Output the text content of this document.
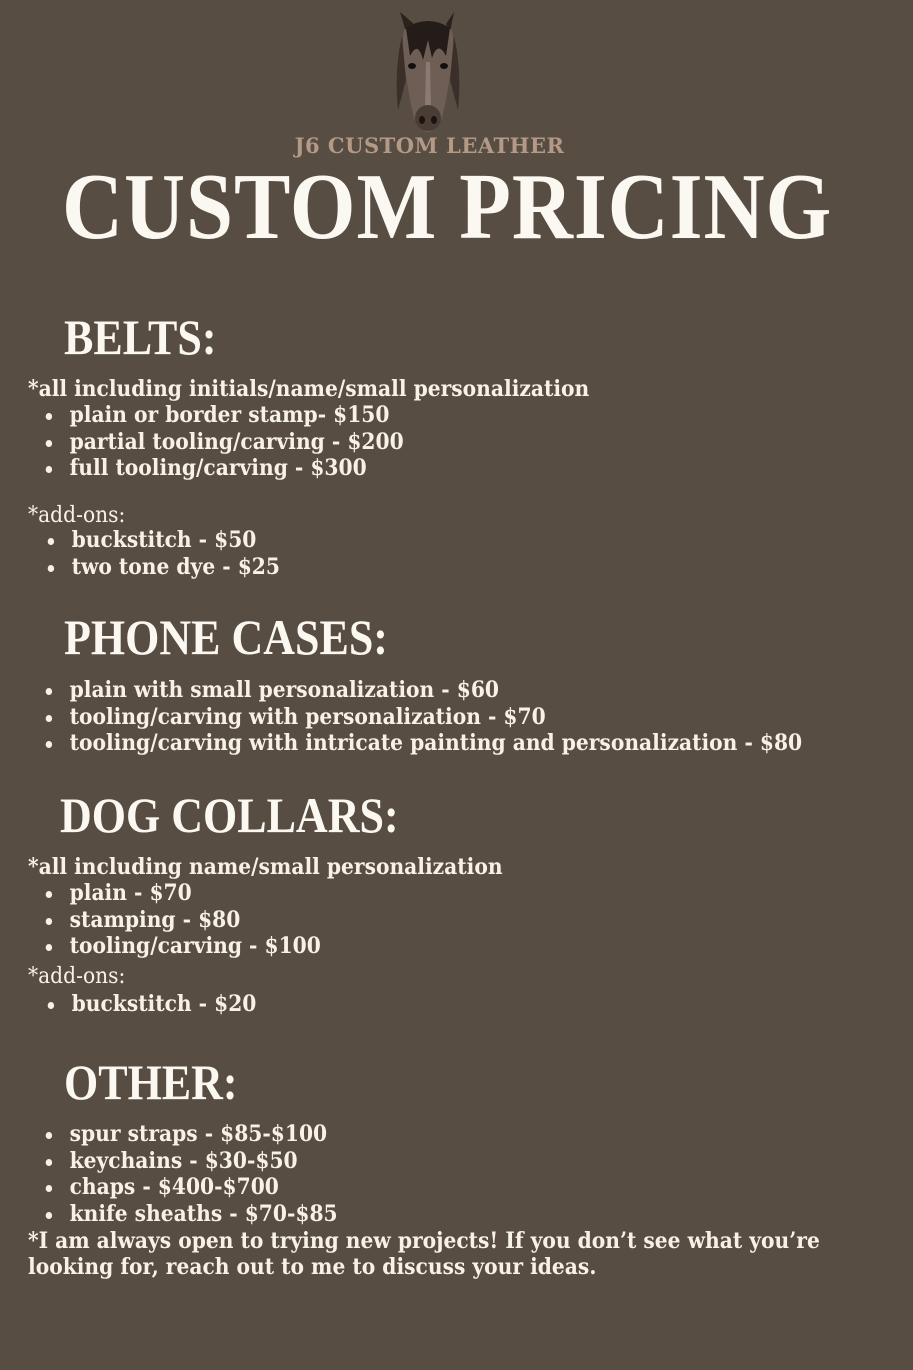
J6 CUSTOM LEATHER
CUSTOM PRICING
BELTS:

*all including initials/name/small personalization

plain or border stamp- $150
partial tooling/carving - $200
full tooling/carving - $300

*add-ons:

buckstitch - $50
two tone dye - $25
PHONE CASES:
plain with small personalization - $60
tooling/carving with personalization - $70
tooling/carving with intricate painting and personalization - $80
DOG COLLARS:

*all including name/small personalization

plain - $70
stamping - $80
tooling/carving - $100

*add-ons:

buckstitch - $20
OTHER:
spur straps - $85-$100
keychains - $30-$50
chaps - $400-$700
knife sheaths - $70-$85

*I am always open to trying new projects! If you don’t see what you’re looking for, reach out to me to discuss your ideas.
